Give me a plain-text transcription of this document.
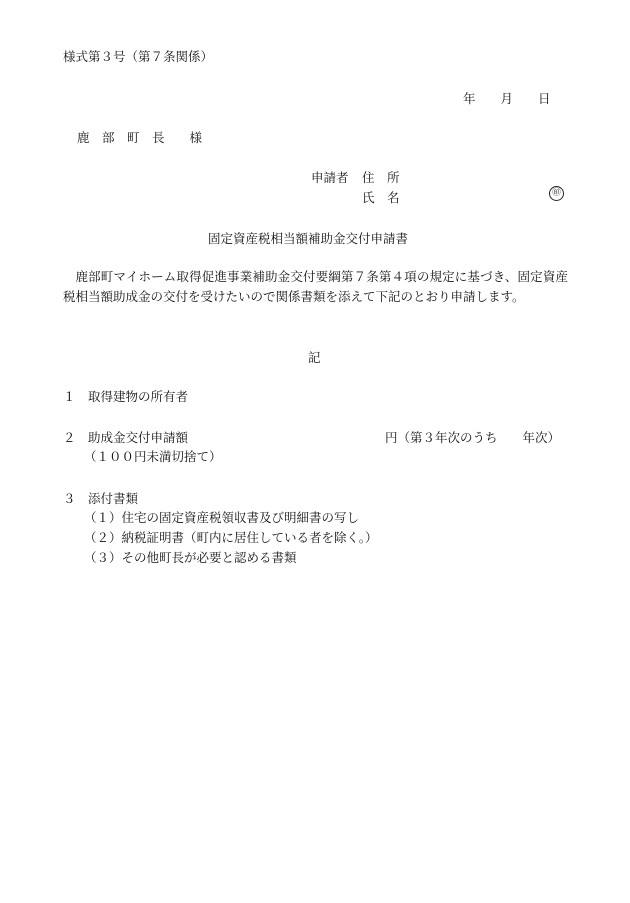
様式第３号（第７条関係）
年　　月　　日
鹿　部　町　長　　様
申請者 住　所
氏　名	㊞
固定資産税相当額補助金交付申請書

鹿部町マイホーム取得促進事業補助金交付要綱第７条第４項の規定に基づき、固定資産税相当額助成金の交付を受けたいので関係書類を添えて下記のとおり申請します。

記
１　取得建物の所有者
２　助成金交付申請額	円（第３年次のうち　　年次）
（１００円未満切捨て）
３　添付書類
（１）住宅の固定資産税領収書及び明細書の写し
（２）納税証明書（町内に居住している者を除く。）
（３）その他町長が必要と認める書類
